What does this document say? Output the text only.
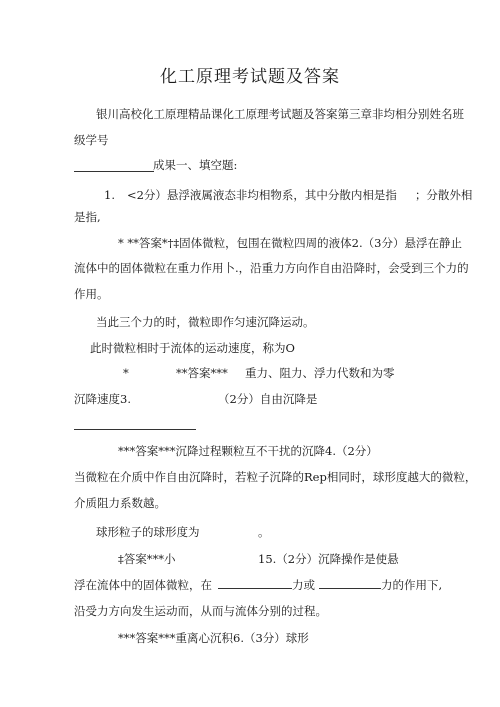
化工原理考试题及答案
银川高校化工原理精品课化工原理考试题及答案第三章非均相分别姓名班
级学号
成果一、填空题:
1. <2分）悬浮液属液态非均相物系，其中分散内相是指 ；分散外相
是指,
* **答案*†‡固体微粒，包围在微粒四周的液体2.（3分）悬浮在静止
流体中的固体微粒在重力作用卜.，沿重力方向作自由沿降时，会受到三个力的
作用。
当此三个力的时，微粒即作匀速沉降运动。
此时微粒相时于流体的运动速度，称为O
*	**答案*** 重力、阻力、浮力代数和为零
沉降速度3.	（2分）自由沉降是
***答案***沉降过程颗粒互不干扰的沉降4.（2分）
当微粒在介质中作自由沉降时，若粒子沉降的Rep相同时，球形度越大的微粒，
介质阻力系数越。
球形粒子的球形度为	。
‡答案***小	15.（2分）沉降操作是使悬
浮在流体中的固体微粒，在	力或	力的作用下,
沿受力方向发生运动而，从而与流体分别的过程。
***答案***重离心沉积6.（3分）球形
